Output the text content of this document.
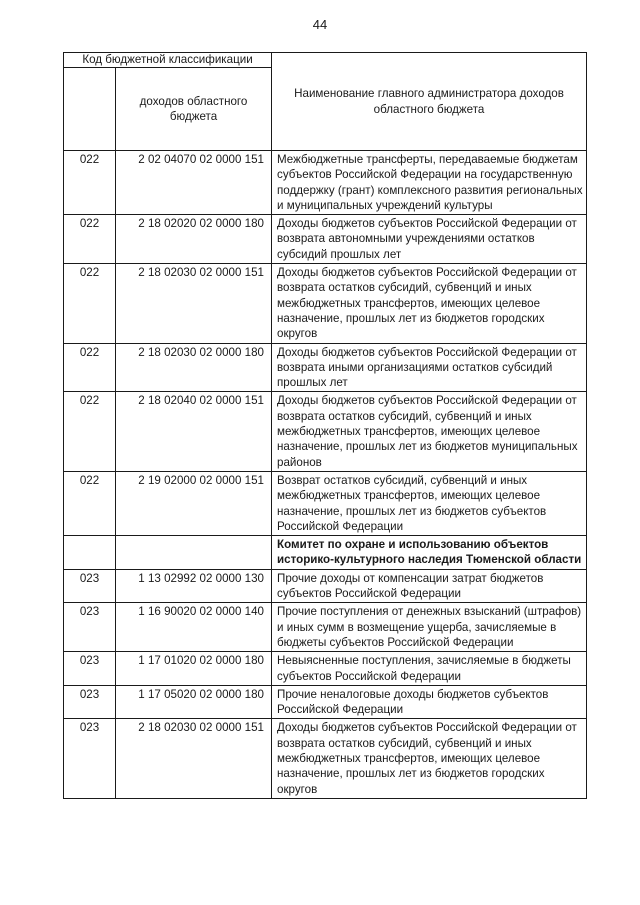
44
Код бюджетной классификации		Наименование главного администратора доходов областного бюджета
	доходов областного бюджета	
022	2 02 04070 02 0000 151	Межбюджетные трансферты, передаваемые бюджетам субъектов Российской Федерации на государственную поддержку (грант) комплексного развития региональных и муниципальных учреждений культуры
022	2 18 02020 02 0000 180	Доходы бюджетов субъектов Российской Федерации от возврата автономными учреждениями остатков субсидий прошлых лет
022	2 18 02030 02 0000 151	Доходы бюджетов субъектов Российской Федерации от возврата остатков субсидий, субвенций и иных межбюджетных трансфертов, имеющих целевое назначение, прошлых лет из бюджетов городских округов
022	2 18 02030 02 0000 180	Доходы бюджетов субъектов Российской Федерации от возврата иными организациями остатков субсидий прошлых лет
022	2 18 02040 02 0000 151	Доходы бюджетов субъектов Российской Федерации от возврата остатков субсидий, субвенций и иных межбюджетных трансфертов, имеющих целевое назначение, прошлых лет из бюджетов муниципальных районов
022	2 19 02000 02 0000 151	Возврат остатков субсидий, субвенций и иных межбюджетных трансфертов, имеющих целевое назначение, прошлых лет из бюджетов субъектов Российской Федерации
		Комитет по охране и использованию объектов историко-культурного наследия Тюменской области
023	1 13 02992 02 0000 130	Прочие доходы от компенсации затрат бюджетов субъектов Российской Федерации
023	1 16 90020 02 0000 140	Прочие поступления от денежных взысканий (штрафов) и иных сумм в возмещение ущерба, зачисляемые в бюджеты субъектов Российской Федерации
023	1 17 01020 02 0000 180	Невыясненные поступления, зачисляемые в бюджеты субъектов Российской Федерации
023	1 17 05020 02 0000 180	Прочие неналоговые доходы бюджетов субъектов Российской Федерации
023	2 18 02030 02 0000 151	Доходы бюджетов субъектов Российской Федерации от возврата остатков субсидий, субвенций и иных межбюджетных трансфертов, имеющих целевое назначение, прошлых лет из бюджетов городских округов
